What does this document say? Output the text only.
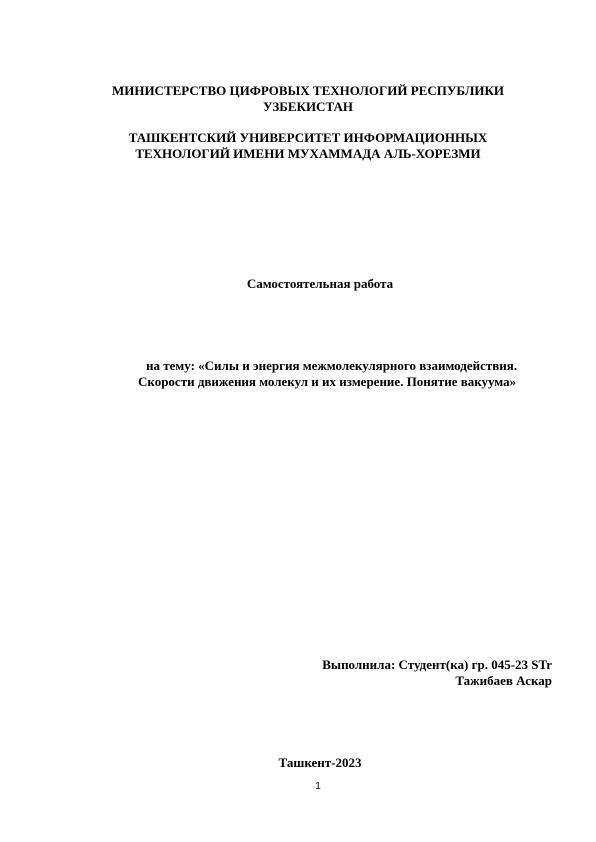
МИНИСТЕРСТВО ЦИФРОВЫХ ТЕХНОЛОГИЙ РЕСПУБЛИКИ
УЗБЕКИСТАН
ТАШКЕНТСКИЙ УНИВЕРСИТЕТ ИНФОРМАЦИОННЫХ
ТЕХНОЛОГИЙ ИМЕНИ МУХАММАДА АЛЬ-ХОРЕЗМИ
Самостоятельная работа
на тему: «Силы и энергия межмолекулярного взаимодействия.
Скорости движения молекул и их измерение. Понятие вакуума»
Выполнила: Студент(ка) гр. 045-23 STr
Тажибаев Аскар
Ташкент-2023
1
